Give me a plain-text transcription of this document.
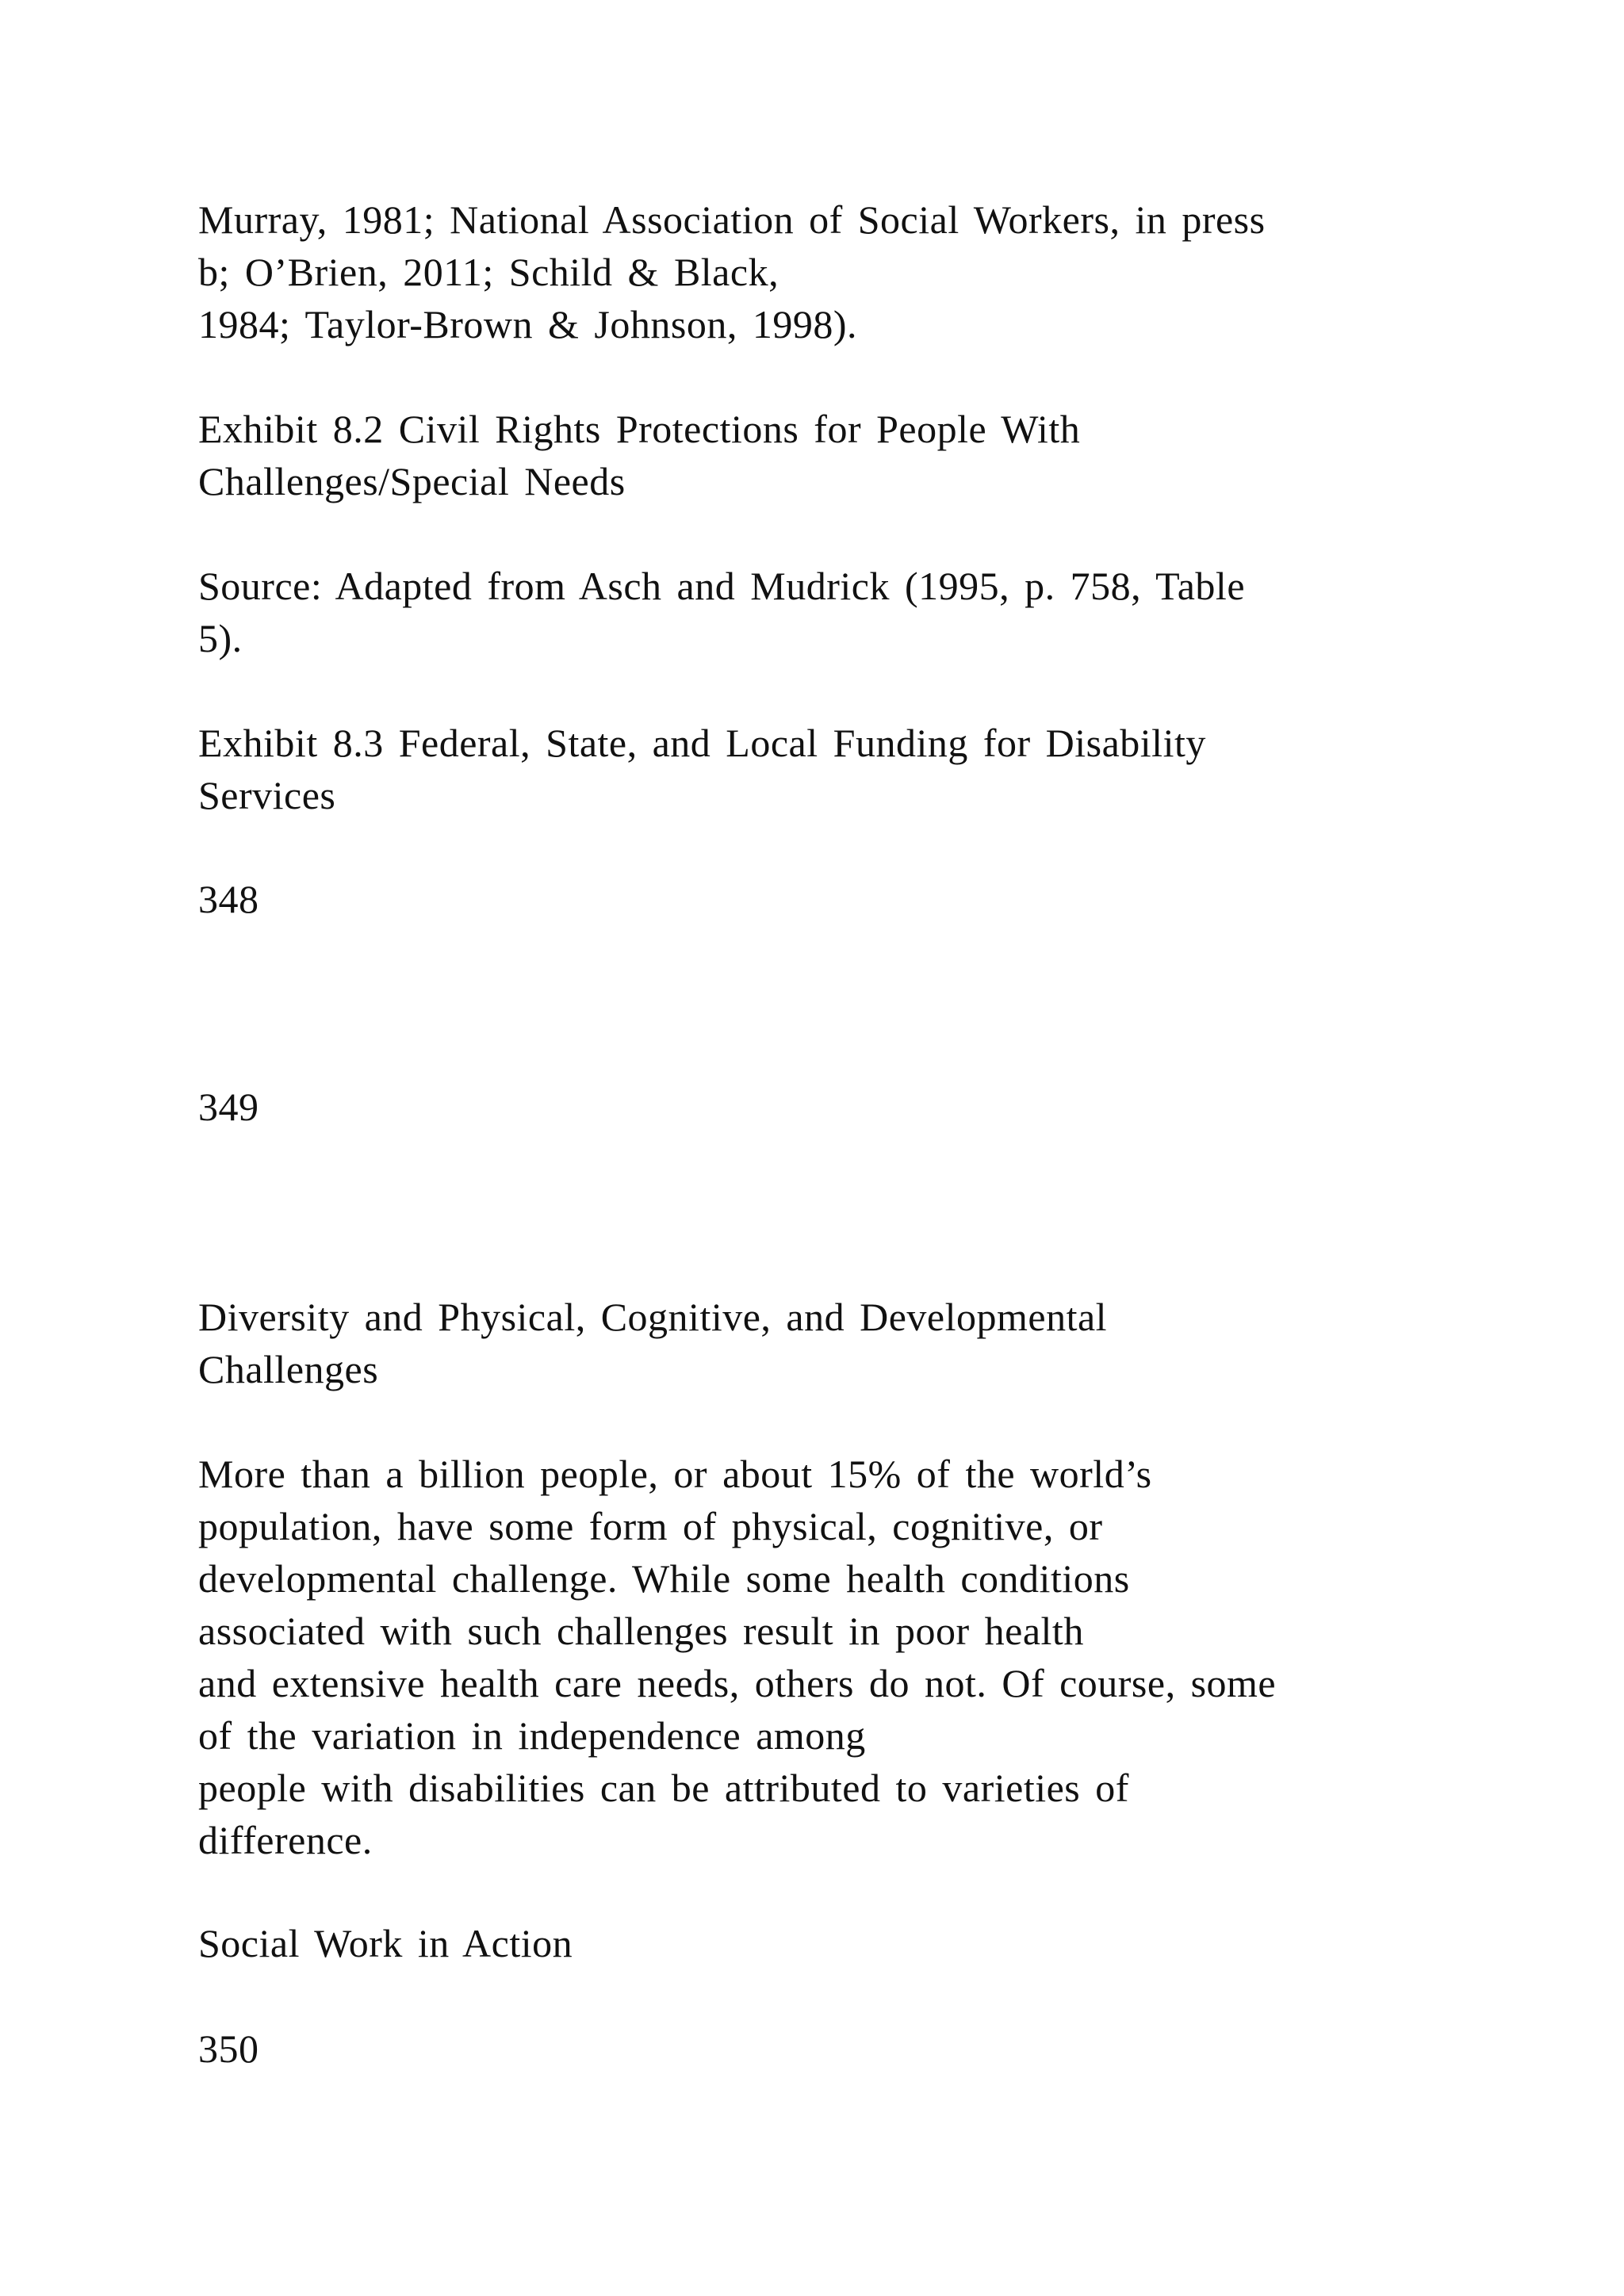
Murray, 1981; National Association of Social Workers, in press
b; O’Brien, 2011; Schild & Black,
1984; Taylor-Brown & Johnson, 1998).
Exhibit 8.2 Civil Rights Protections for People With
Challenges/Special Needs
Source: Adapted from Asch and Mudrick (1995, p. 758, Table
5).
Exhibit 8.3 Federal, State, and Local Funding for Disability
Services
348
349
Diversity and Physical, Cognitive, and Developmental
Challenges
More than a billion people, or about 15% of the world’s
population, have some form of physical, cognitive, or
developmental challenge. While some health conditions
associated with such challenges result in poor health
and extensive health care needs, others do not. Of course, some
of the variation in independence among
people with disabilities can be attributed to varieties of
difference.
Social Work in Action
350
